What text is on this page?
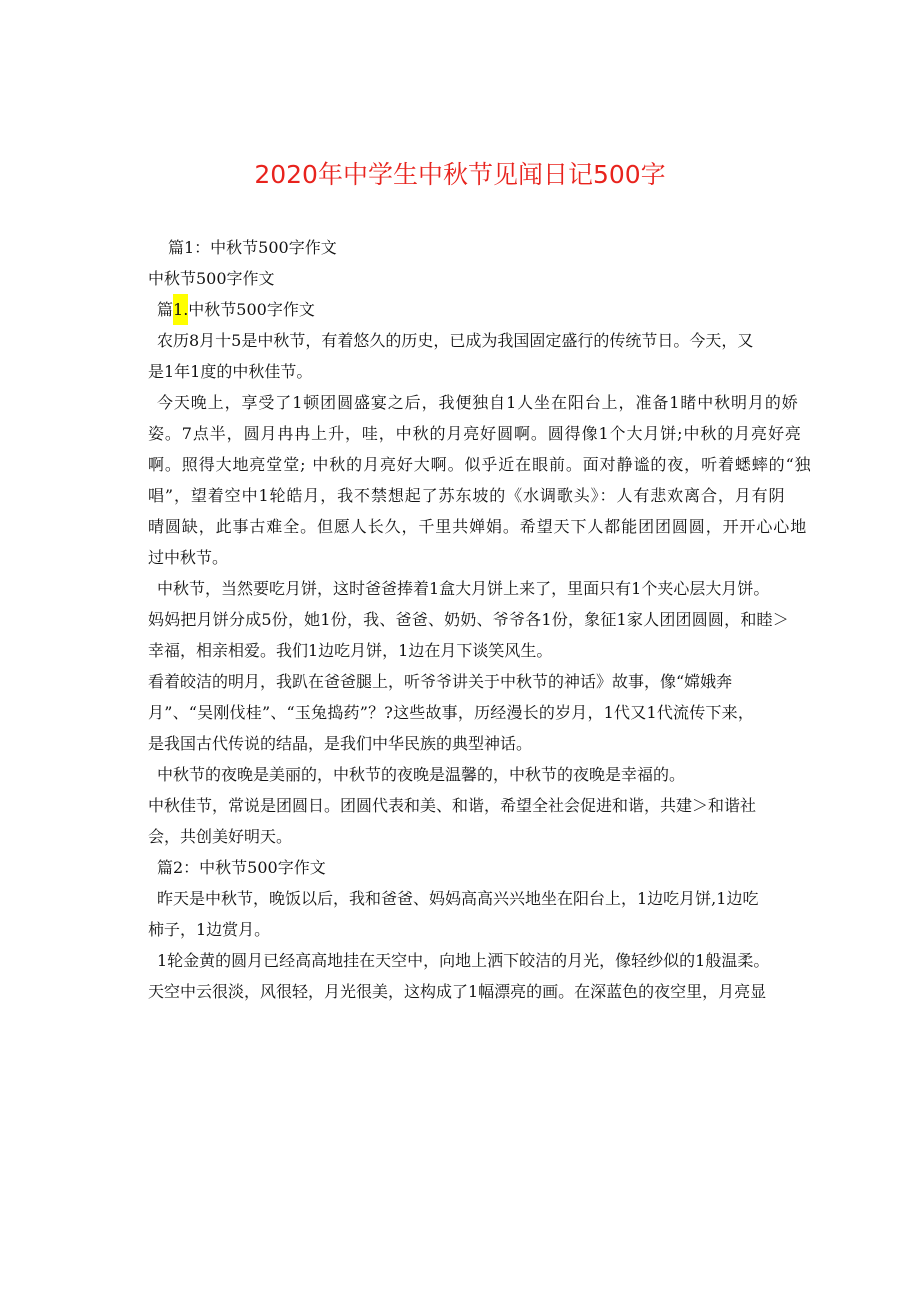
2020年中学生中秋节见闻日记500字

篇1：中秋节500字作文

中秋节500字作文

篇1.中秋节500字作文

农历8月十5是中秋节，有着悠久的历史，已成为我国固定盛行的传统节日。今天，又

是1年1度的中秋佳节。

今天晚上，享受了1顿团圆盛宴之后，我便独自1人坐在阳台上，准备1睹中秋明月的娇

姿。7点半，圆月冉冉上升，哇，中秋的月亮好圆啊。圆得像1个大月饼;中秋的月亮好亮

啊。照得大地亮堂堂; 中秋的月亮好大啊。似乎近在眼前。面对静谧的夜，听着蟋蟀的“独

唱”，望着空中1轮皓月，我不禁想起了苏东坡的《水调歌头》：人有悲欢离合，月有阴

晴圆缺，此事古难全。但愿人长久，千里共婵娟。希望天下人都能团团圆圆，开开心心地

过中秋节。

中秋节，当然要吃月饼，这时爸爸捧着1盒大月饼上来了，里面只有1个夹心层大月饼。

妈妈把月饼分成5份，她1份，我、爸爸、奶奶、爷爷各1份，象征1家人团团圆圆，和睦＞

幸福，相亲相爱。我们1边吃月饼，1边在月下谈笑风生。

看着皎洁的明月，我趴在爸爸腿上，听爷爷讲关于中秋节的神话》故事，像“嫦娥奔

月”、“吴刚伐桂”、“玉兔捣药”？?这些故事，历经漫长的岁月，1代又1代流传下来，

是我国古代传说的结晶，是我们中华民族的典型神话。

中秋节的夜晚是美丽的，中秋节的夜晚是温馨的，中秋节的夜晚是幸福的。

中秋佳节，常说是团圆日。团圆代表和美、和谐，希望全社会促进和谐，共建＞和谐社

会，共创美好明天。

篇2：中秋节500字作文

昨天是中秋节，晚饭以后，我和爸爸、妈妈高高兴兴地坐在阳台上，1边吃月饼,1边吃

柿子，1边赏月。

1轮金黄的圆月已经高高地挂在天空中，向地上洒下皎洁的月光，像轻纱似的1般温柔。

天空中云很淡，风很轻，月光很美，这构成了1幅漂亮的画。在深蓝色的夜空里，月亮显
